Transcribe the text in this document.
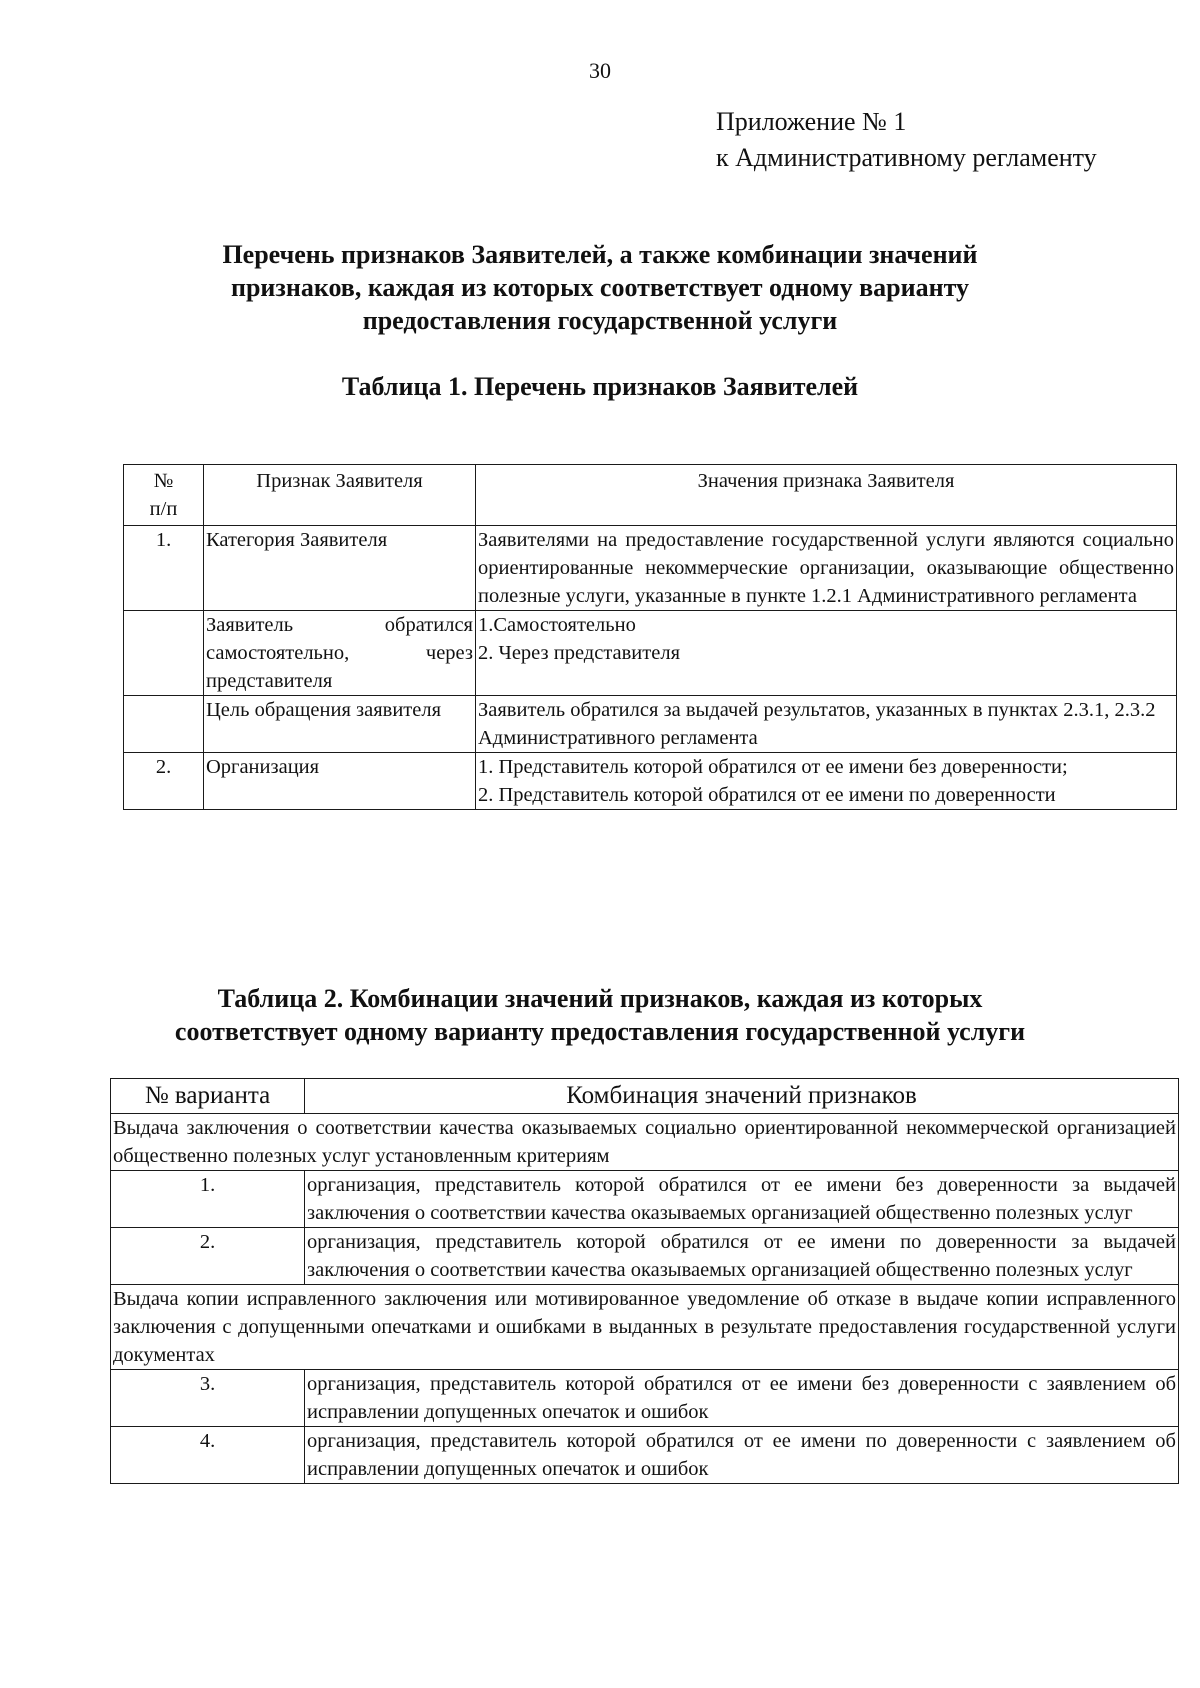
30
Приложение № 1
к Административному регламенту
Перечень признаков Заявителей, а также комбинации значений
признаков, каждая из которых соответствует одному варианту
предоставления государственной услуги
Таблица 1. Перечень признаков Заявителей
№
п/п	Признак Заявителя	Значения признака Заявителя
1.	Категория Заявителя	Заявителями на предоставление государственной услуги являются социально ориентированные некоммерческие организации, оказывающие общественно полезные услуги, указанные в пункте 1.2.1 Административного регламента
	Заявитель обратился самостоятельно, через представителя	1.Самостоятельно
2. Через представителя

	Цель обращения заявителя	Заявитель обратился за выдачей результатов, указанных в пунктах 2.3.1, 2.3.2 Административного регламента
2.	Организация	1. Представитель которой обратился от ее имени без доверенности;
2. Представитель которой обратился от ее имени по доверенности
Таблица 2. Комбинации значений признаков, каждая из которых
соответствует одному варианту предоставления государственной услуги
№ варианта	Комбинация значений признаков
Выдача заключения о соответствии качества оказываемых социально ориентированной некоммерческой организацией общественно полезных услуг установленным критериям	
1.	организация, представитель которой обратился от ее имени без доверенности за выдачей заключения о соответствии качества оказываемых организацией общественно полезных услуг
2.	организация, представитель которой обратился от ее имени по доверенности за выдачей заключения о соответствии качества оказываемых организацией общественно полезных услуг
Выдача копии исправленного заключения или мотивированное уведомление об отказе в выдаче копии исправленного заключения с допущенными опечатками и ошибками в выданных в результате предоставления государственной услуги документах	
3.	организация, представитель которой обратился от ее имени без доверенности с заявлением об исправлении допущенных опечаток и ошибок
4.	организация, представитель которой обратился от ее имени по доверенности с заявлением об исправлении допущенных опечаток и ошибок
